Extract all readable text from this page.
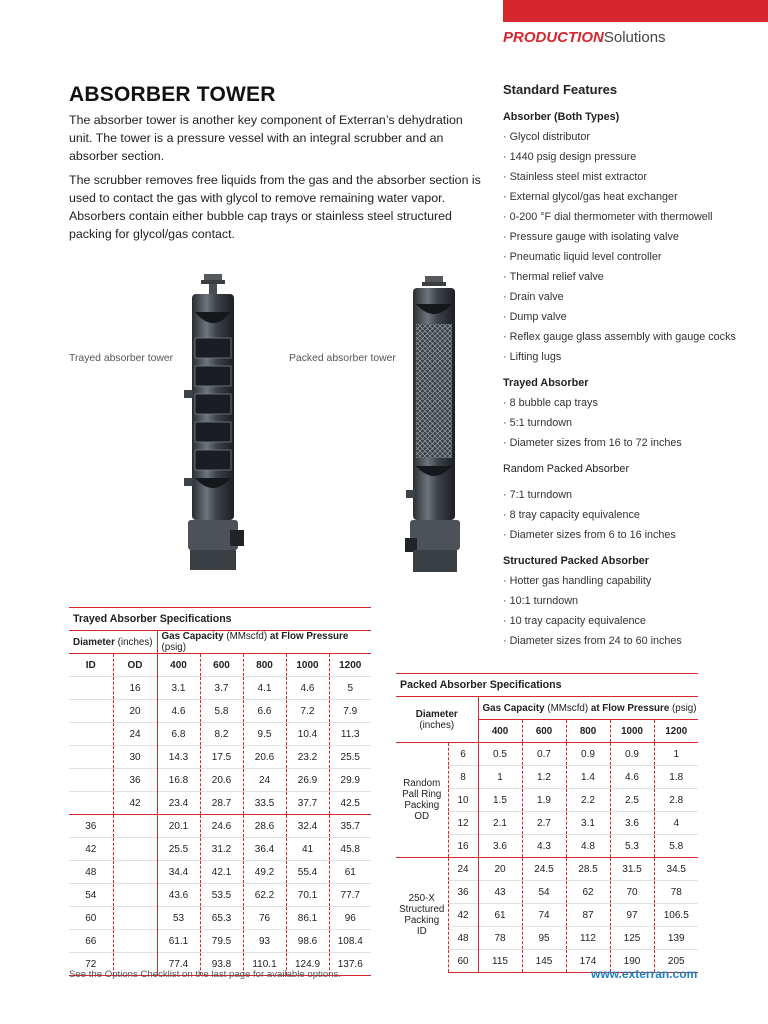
PRODUCTIONSolutions
ABSORBER TOWER

The absorber tower is another key component of Exterran’s dehydration unit. The tower is a pressure vessel with an integral scrubber and an absorber section.

The scrubber removes free liquids from the gas and the absorber section is used to contact the gas with glycol to remove remaining water vapor. Absorbers contain either bubble cap trays or stainless steel structured packing for glycol/gas contact.

Trayed absorber tower	Packed absorber tower
Standard Features
Absorber (Both Types)
· Glycol distributor
· 1440 psig design pressure
· Stainless steel mist extractor
· External glycol/gas heat exchanger
· 0-200 °F dial thermometer with thermowell
· Pressure gauge with isolating valve
· Pneumatic liquid level controller
· Thermal relief valve
· Drain valve
· Dump valve
· Reflex gauge glass assembly with gauge cocks
· Lifting lugs
Trayed Absorber
· 8 bubble cap trays
· 5:1 turndown
· Diameter sizes from 16 to 72 inches
Random Packed Absorber
· 7:1 turndown
· 8 tray capacity equivalence
· Diameter sizes from 6 to 16 inches
Structured Packed Absorber
· Hotter gas handling capability
· 10:1 turndown
· 10 tray capacity equivalence
· Diameter sizes from 24 to 60 inches
Trayed Absorber Specifications
Diameter (inches)		Gas Capacity (MMscfd) at Flow Pressure (psig)				
ID	OD	400	600	800	1000	1200
	16	3.1	3.7	4.1	4.6	5
	20	4.6	5.8	6.6	7.2	7.9
	24	6.8	8.2	9.5	10.4	11.3
	30	14.3	17.5	20.6	23.2	25.5
	36	16.8	20.6	24	26.9	29.9
	42	23.4	28.7	33.5	37.7	42.5
36		20.1	24.6	28.6	32.4	35.7
42		25.5	31.2	36.4	41	45.8
48		34.4	42.1	49.2	55.4	61
54		43.6	53.5	62.2	70.1	77.7
60		53	65.3	76	86.1	96
66		61.1	79.5	93	98.6	108.4
72		77.4	93.8	110.1	124.9	137.6
Packed Absorber Specifications
Diameter
(inches)		Gas Capacity (MMscfd) at Flow Pressure (psig)				
		400	600	800	1000	1200

Random
Pall Ring
Packing
OD	6	0.5	0.7	0.9	0.9	1
	8	1	1.2	1.4	4.6	1.8
	10	1.5	1.9	2.2	2.5	2.8
	12	2.1	2.7	3.1	3.6	4
	16	3.6	4.3	4.8	5.3	5.8

250-X
Structured
Packing
ID	24	20	24.5	28.5	31.5	34.5
	36	43	54	62	70	78
	42	61	74	87	97	106.5
	48	78	95	112	125	139
	60	115	145	174	190	205
See the Options Checklist on the last page for available options.	www.exterran.com
